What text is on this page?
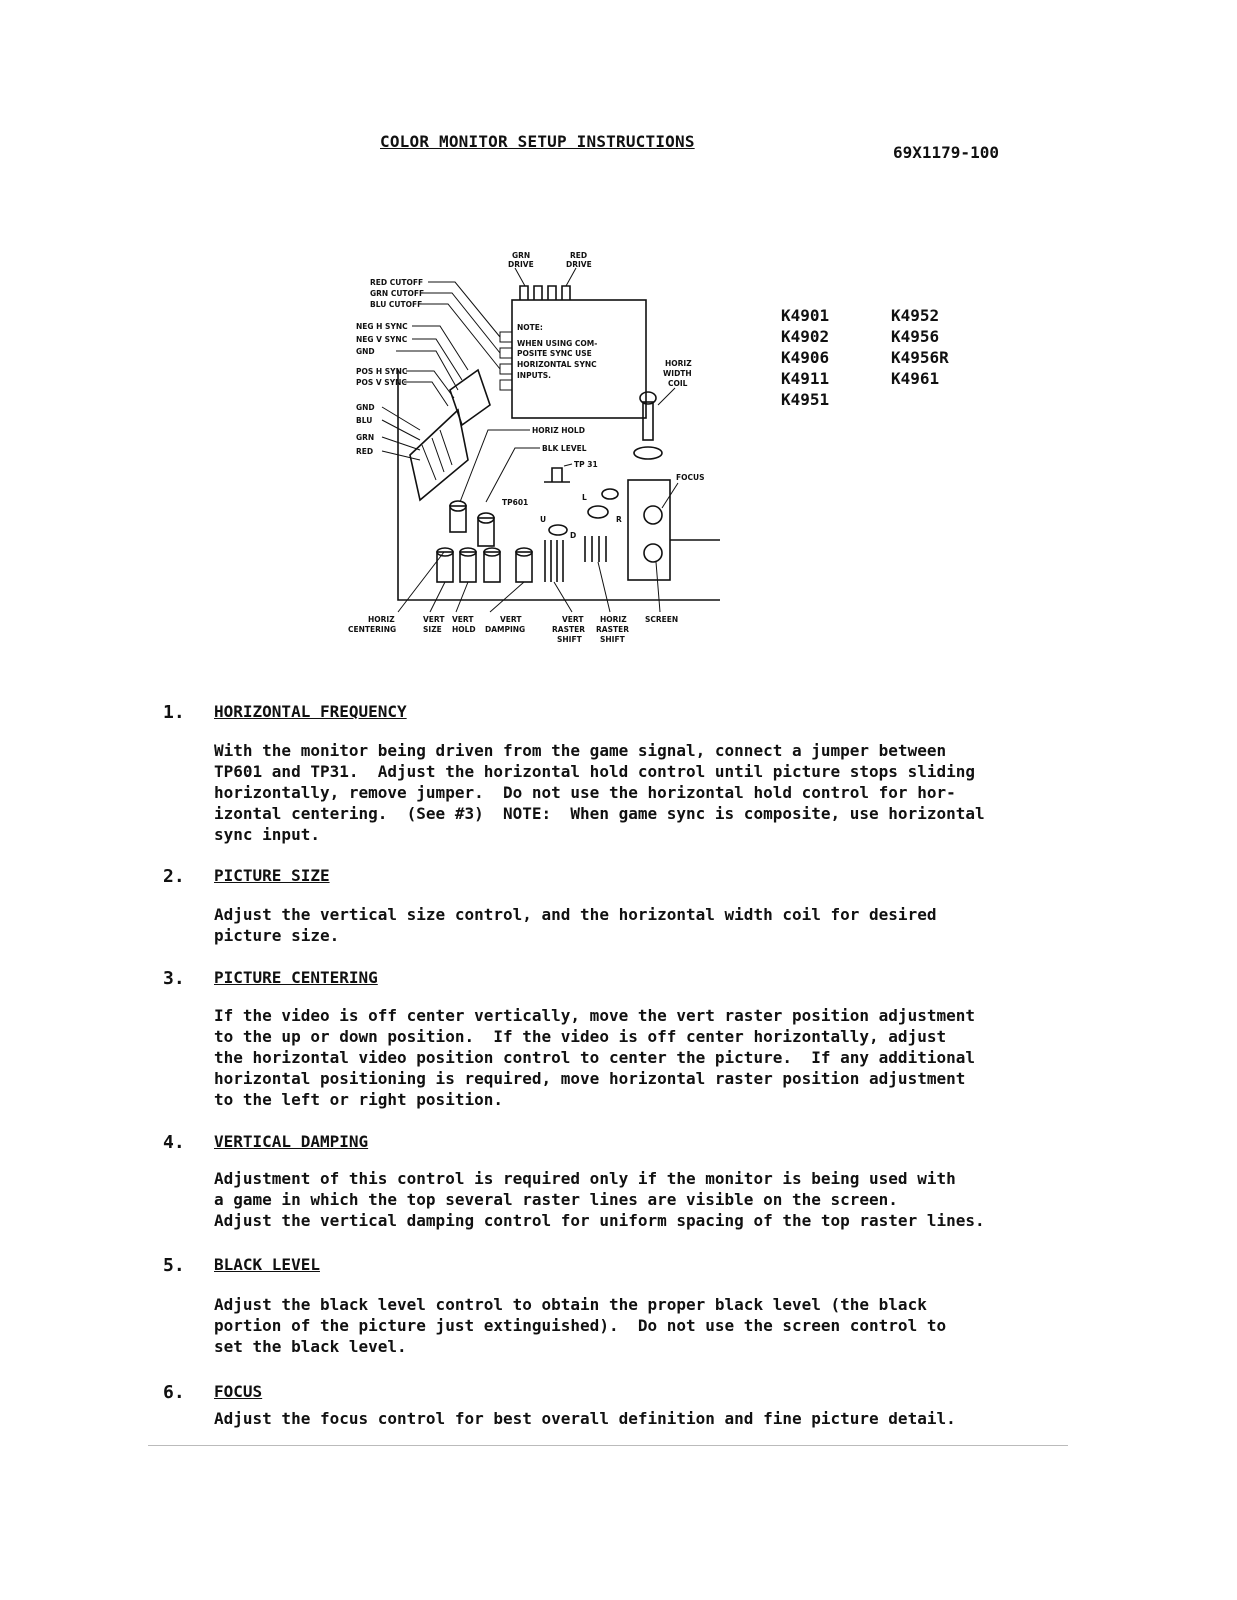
COLOR MONITOR SETUP INSTRUCTIONS
69X1179-100
K4901
K4902
K4906
K4911
K4951
K4952
K4956
K4956R
K4961
GRN
DRIVE
RED
DRIVE
RED CUTOFF
GRN CUTOFF
BLU CUTOFF
NEG H SYNC
NEG V SYNC
GND
POS H SYNC
POS V SYNC
GND
BLU
GRN
RED
NOTE:
WHEN USING COM-
POSITE SYNC USE
HORIZONTAL SYNC
INPUTS.
HORIZ
WIDTH
COIL
HORIZ HOLD
BLK LEVEL
TP 31
TP601
FOCUS
U
D
L
R
HORIZ
CENTERING
VERT
SIZE
VERT
HOLD
VERT
DAMPING
VERT
RASTER
SHIFT
HORIZ
RASTER
SHIFT
SCREEN
1. HORIZONTAL FREQUENCY
With the monitor being driven from the game signal, connect a jumper between
TP601 and TP31.  Adjust the horizontal hold control until picture stops sliding
horizontally, remove jumper.  Do not use the horizontal hold control for hor-
izontal centering.  (See #3)  NOTE:  When game sync is composite, use horizontal
sync input.
2. PICTURE SIZE
Adjust the vertical size control, and the horizontal width coil for desired
picture size.
3. PICTURE CENTERING
If the video is off center vertically, move the vert raster position adjustment
to the up or down position.  If the video is off center horizontally, adjust
the horizontal video position control to center the picture.  If any additional
horizontal positioning is required, move horizontal raster position adjustment
to the left or right position.
4. VERTICAL DAMPING
Adjustment of this control is required only if the monitor is being used with
a game in which the top several raster lines are visible on the screen.
Adjust the vertical damping control for uniform spacing of the top raster lines.
5. BLACK LEVEL
Adjust the black level control to obtain the proper black level (the black
portion of the picture just extinguished).  Do not use the screen control to
set the black level.
6. FOCUS
Adjust the focus control for best overall definition and fine picture detail.
